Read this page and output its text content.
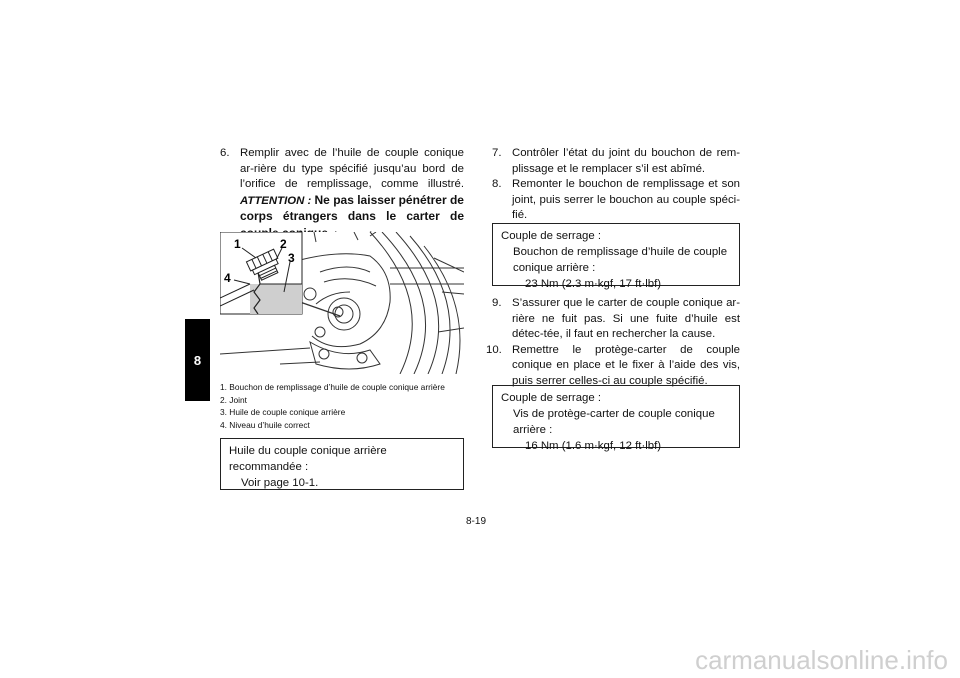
8
6. Remplir avec de l’huile de couple conique ar-rière du type spécifié jusqu’au bord de l’orifice de remplissage, comme illustré. ATTENTION : Ne pas laisser pénétrer de corps étrangers dans le carter de
1	2
3
4
1. Bouchon de remplissage d’huile de couple conique arrière
2. Joint
3. Huile de couple conique arrière
4. Niveau d’huile correct
Huile du couple conique arrière
recommandée :
Voir page 10-1.
7. Contrôler l’état du joint du bouchon de rem-plissage et le remplacer s’il est abîmé.
8. Remonter le bouchon de remplissage et son joint, puis serrer le bouchon au couple spéci-fié.
Couple de serrage :
Bouchon de remplissage d’huile de couple
conique arrière :
23 Nm (2.3 m·kgf, 17 ft·lbf)
9. S’assurer que le carter de couple conique ar-rière ne fuit pas. Si une fuite d’huile est détec-tée, il faut en rechercher la cause.
10. Remettre le protège-carter de couple conique en place et le fixer à l’aide des vis, puis serrer celles-ci au couple spécifié.
Couple de serrage :
Vis de protège-carter de couple conique
arrière :
16 Nm (1.6 m·kgf, 12 ft·lbf)
8-19
carmanualsonline.info
